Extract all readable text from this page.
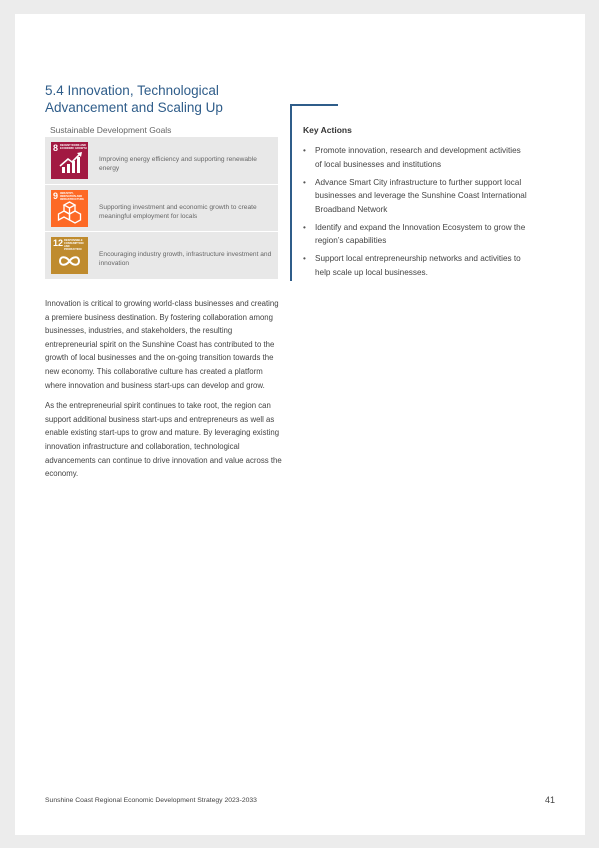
5.4 Innovation, Technological
Advancement and Scaling Up
Sustainable Development Goals
8 DECENT WORK AND ECONOMIC GROWTH
Improving energy efficiency and supporting renewable energy
9 INDUSTRY, INNOVATION AND INFRASTRUCTURE
Supporting investment and economic growth to create meaningful employment for locals
12 RESPONSIBLE CONSUMPTION AND PRODUCTION
Encouraging industry growth, infrastructure investment and innovation
Key Actions
• Promote innovation, research and development activities of local businesses and institutions
• Advance Smart City infrastructure to further support local businesses and leverage the Sunshine Coast International Broadband Network
• Identify and expand the Innovation Ecosystem to grow the region’s capabilities
• Support local entrepreneurship networks and activities to help scale up local businesses.

Innovation is critical to growing world-class businesses and creating a premiere business destination. By fostering collaboration among businesses, industries, and stakeholders, the resulting entrepreneurial spirit on the Sunshine Coast has contributed to the growth of local businesses and the on-going transition towards the new economy. This collaborative culture has created a platform where innovation and business start-ups can develop and grow.

As the entrepreneurial spirit continues to take root, the region can support additional business start-ups and entrepreneurs as well as enable existing start-ups to grow and mature. By leveraging existing innovation infrastructure and collaboration, technological advancements can continue to drive innovation and value across the economy.

Sunshine Coast Regional Economic Development Strategy 2023-2033	41
